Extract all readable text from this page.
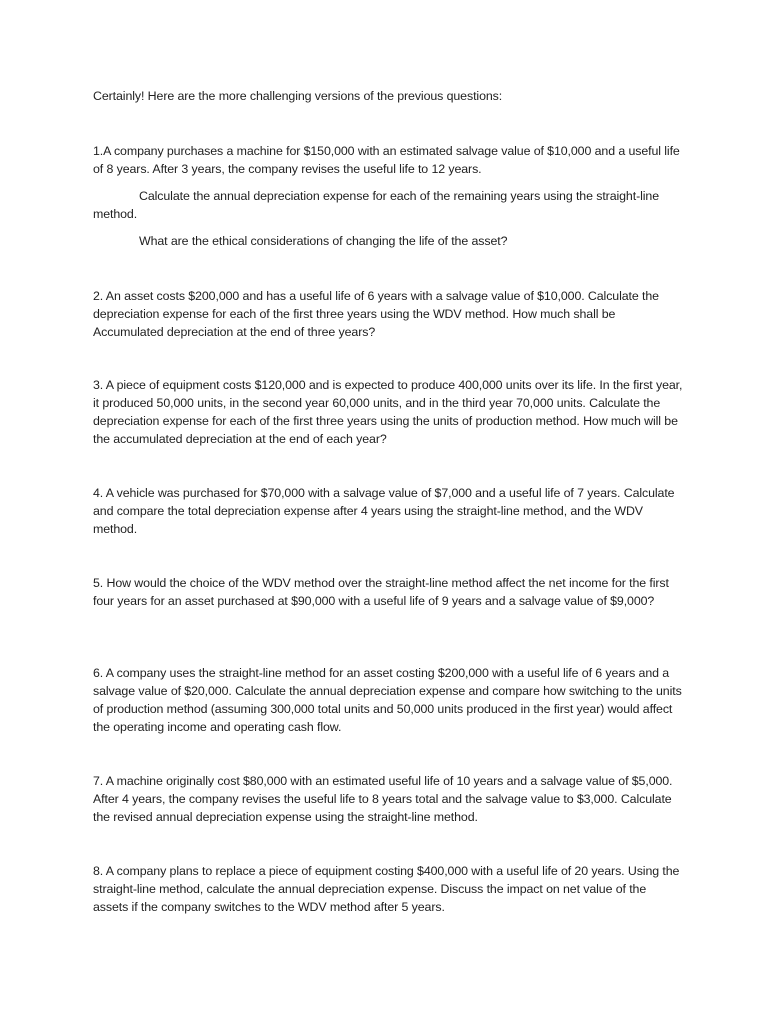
Certainly! Here are the more challenging versions of the previous questions:

1.A company purchases a machine for $150,000 with an estimated salvage value of $10,000 and a useful life of 8 years. After 3 years, the company revises the useful life to 12 years.

Calculate the annual depreciation expense for each of the remaining years using the straight-line method.

What are the ethical considerations of changing the life of the asset?

2. An asset costs $200,000 and has a useful life of 6 years with a salvage value of $10,000. Calculate the depreciation expense for each of the first three years using the WDV method. How much shall be Accumulated depreciation at the end of three years?

3. A piece of equipment costs $120,000 and is expected to produce 400,000 units over its life. In the first year, it produced 50,000 units, in the second year 60,000 units, and in the third year 70,000 units. Calculate the depreciation expense for each of the first three years using the units of production method. How much will be the accumulated depreciation at the end of each year?

4. A vehicle was purchased for $70,000 with a salvage value of $7,000 and a useful life of 7 years. Calculate and compare the total depreciation expense after 4 years using the straight-line method, and the WDV method.

5. How would the choice of the WDV method over the straight-line method affect the net income for the first four years for an asset purchased at $90,000 with a useful life of 9 years and a salvage value of $9,000?

6. A company uses the straight-line method for an asset costing $200,000 with a useful life of 6 years and a salvage value of $20,000. Calculate the annual depreciation expense and compare how switching to the units of production method (assuming 300,000 total units and 50,000 units produced in the first year) would affect the operating income and operating cash flow.

7. A machine originally cost $80,000 with an estimated useful life of 10 years and a salvage value of $5,000. After 4 years, the company revises the useful life to 8 years total and the salvage value to $3,000. Calculate the revised annual depreciation expense using the straight-line method.

8. A company plans to replace a piece of equipment costing $400,000 with a useful life of 20 years. Using the straight-line method, calculate the annual depreciation expense. Discuss the impact on net value of the assets if the company switches to the WDV method after 5 years.
